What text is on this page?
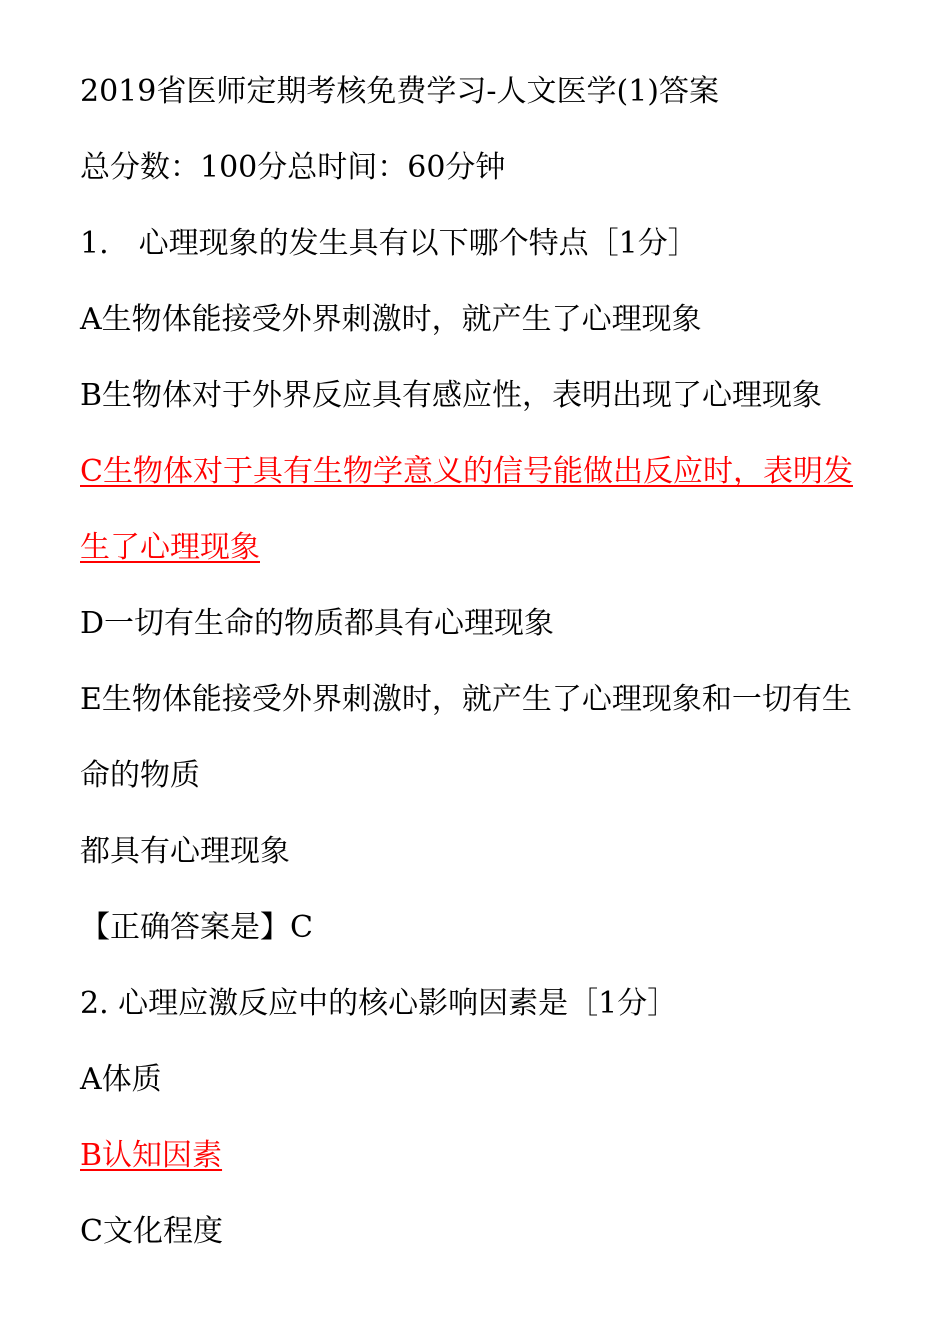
2019省医师定期考核免费学习-人文医学(1)答案
总分数：100分总时间：60分钟
1.　心理现象的发生具有以下哪个特点［1分］
A生物体能接受外界刺激时，就产生了心理现象
B生物体对于外界反应具有感应性，表明出现了心理现象
C生物体对于具有生物学意义的信号能做出反应时，表明发
生了心理现象
D一切有生命的物质都具有心理现象
E生物体能接受外界刺激时，就产生了心理现象和一切有生
命的物质
都具有心理现象
【正确答案是】C
2. 心理应激反应中的核心影响因素是［1分］
A体质
B认知因素
C文化程度
